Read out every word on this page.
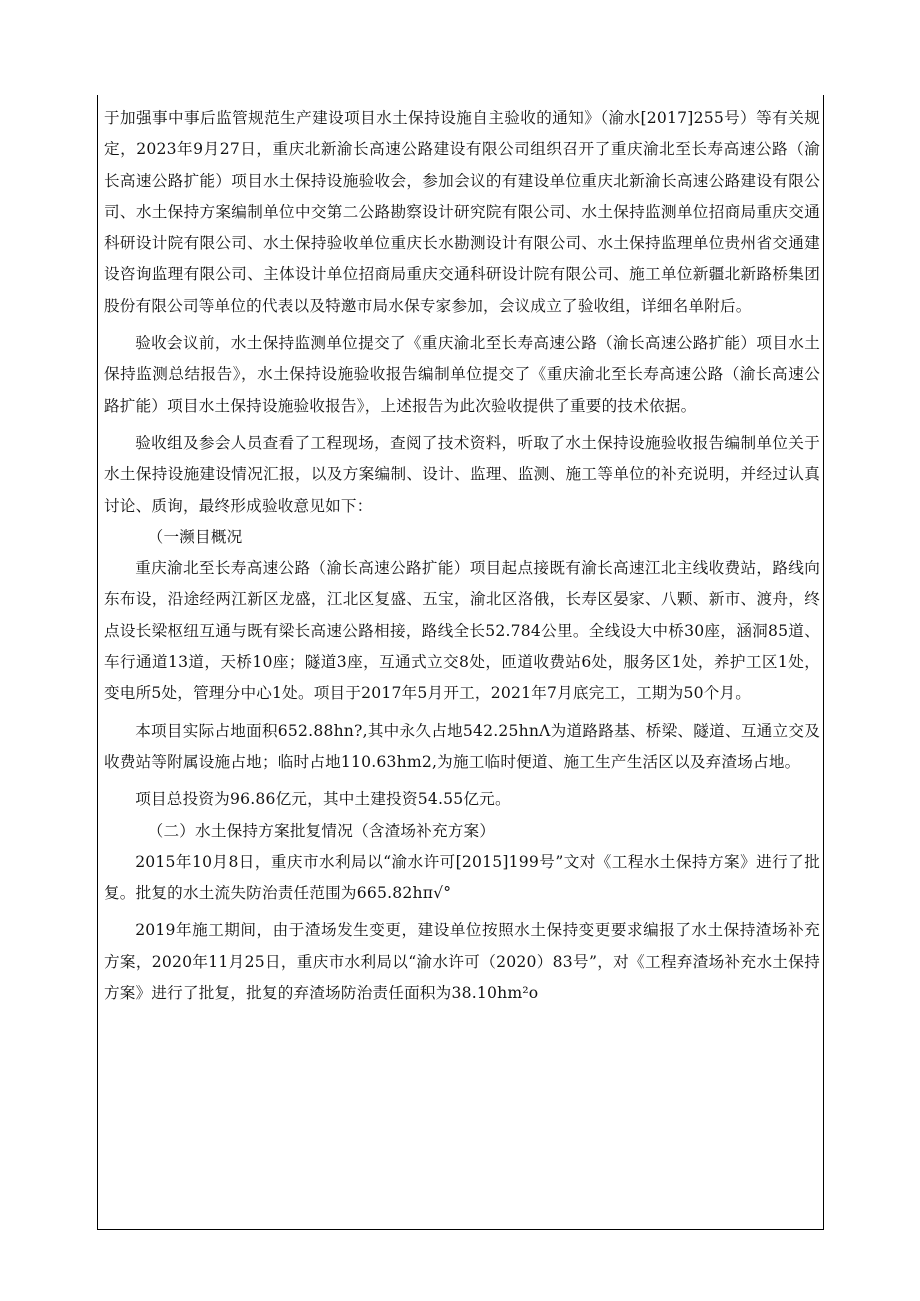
于加强事中事后监管规范生产建设项目水土保持设施自主验收的通知》（渝水[2017]255号）等有关规定，2023年9月27日，重庆北新渝长高速公路建设有限公司组织召开了重庆渝北至长寿高速公路（渝长高速公路扩能）项目水土保持设施验收会，参加会议的有建设单位重庆北新渝长高速公路建设有限公司、水土保持方案编制单位中交第二公路勘察设计研究院有限公司、水土保持监测单位招商局重庆交通科研设计院有限公司、水土保持验收单位重庆长水勘测设计有限公司、水土保持监理单位贵州省交通建设咨询监理有限公司、主体设计单位招商局重庆交通科研设计院有限公司、施工单位新疆北新路桥集团股份有限公司等单位的代表以及特邀市局水保专家参加，会议成立了验收组，详细名单附后。

验收会议前，水土保持监测单位提交了《重庆渝北至长寿高速公路（渝长高速公路扩能）项目水土保持监测总结报告》，水土保持设施验收报告编制单位提交了《重庆渝北至长寿高速公路（渝长高速公路扩能）项目水土保持设施验收报告》，上述报告为此次验收提供了重要的技术依据。

验收组及参会人员查看了工程现场，查阅了技术资料，听取了水土保持设施验收报告编制单位关于水土保持设施建设情况汇报，以及方案编制、设计、监理、监测、施工等单位的补充说明，并经过认真讨论、质询，最终形成验收意见如下：

（一濒目概况

重庆渝北至长寿高速公路（渝长高速公路扩能）项目起点接既有渝长高速江北主线收费站，路线向东布设，沿途经两江新区龙盛，江北区复盛、五宝，渝北区洛俄，长寿区晏家、八颗、新市、渡舟，终点设长梁枢纽互通与既有梁长高速公路相接，路线全长52.784公里。全线设大中桥30座，涵洞85道、车行通道13道，天桥10座；隧道3座，互通式立交8处，匝道收费站6处，服务区1处，养护工区1处，变电所5处，管理分中心1处。项目于2017年5月开工，2021年7月底完工，工期为50个月。

本项目实际占地面积652.88hn?,其中永久占地542.25hnΛ为道路路基、桥梁、隧道、互通立交及收费站等附属设施占地；临时占地110.63hm2,为施工临时便道、施工生产生活区以及弃渣场占地。

项目总投资为96.86亿元，其中土建投资54.55亿元。

（二）水土保持方案批复情况（含渣场补充方案）

2015年10月8日，重庆市水利局以“渝水许可[2015]199号”文对《工程水土保持方案》进行了批复。批复的水土流失防治责任范围为665.82hπ√°

2019年施工期间，由于渣场发生变更，建设单位按照水土保持变更要求编报了水土保持渣场补充方案，2020年11月25日，重庆市水利局以“渝水许可（2020）83号”，对《工程弃渣场补充水土保持方案》进行了批复，批复的弃渣场防治责任面积为38.10hm²o
